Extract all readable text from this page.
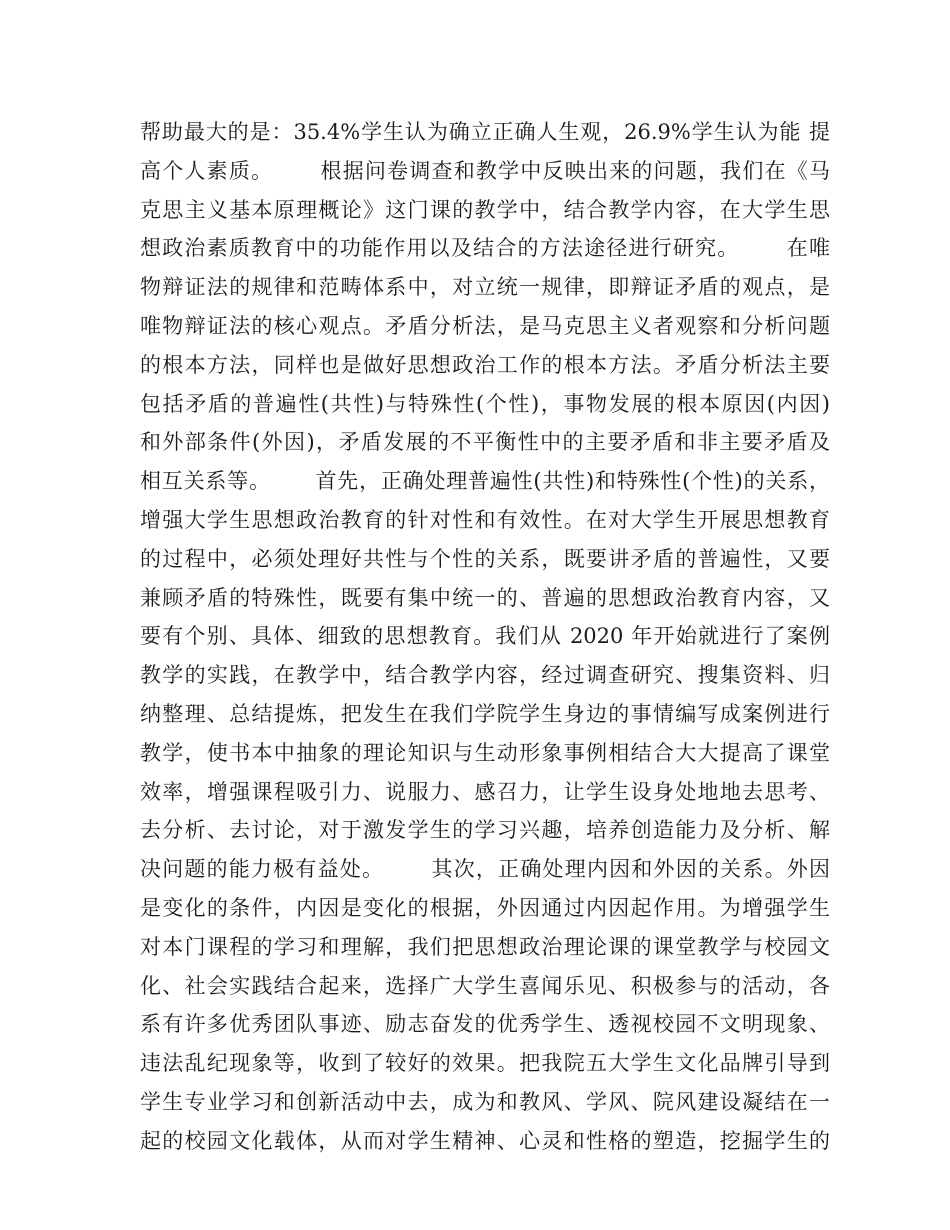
帮助最大的是：35.4%学生认为确立正确人生观，26.9%学生认为能 提
高个人素质。      根据问卷调查和教学中反映出来的问题，我们在《马
克思主义基本原理概论》这门课的教学中，结合教学内容，在大学生思
想政治素质教育中的功能作用以及结合的方法途径进行研究。      在唯
物辩证法的规律和范畴体系中，对立统一规律，即辩证矛盾的观点，是
唯物辩证法的核心观点。矛盾分析法，是马克思主义者观察和分析问题
的根本方法，同样也是做好思想政治工作的根本方法。矛盾分析法主要
包括矛盾的普遍性(共性)与特殊性(个性)，事物发展的根本原因(内因)
和外部条件(外因)，矛盾发展的不平衡性中的主要矛盾和非主要矛盾及
相互关系等。      首先，正确处理普遍性(共性)和特殊性(个性)的关系，
增强大学生思想政治教育的针对性和有效性。在对大学生开展思想教育
的过程中，必须处理好共性与个性的关系，既要讲矛盾的普遍性，又要
兼顾矛盾的特殊性，既要有集中统一的、普遍的思想政治教育内容，又
要有个别、具体、细致的思想教育。我们从 2020 年开始就进行了案例
教学的实践，在教学中，结合教学内容，经过调查研究、搜集资料、归
纳整理、总结提炼，把发生在我们学院学生身边的事情编写成案例进行
教学，使书本中抽象的理论知识与生动形象事例相结合大大提高了课堂
效率，增强课程吸引力、说服力、感召力，让学生设身处地地去思考、
去分析、去讨论，对于激发学生的学习兴趣，培养创造能力及分析、解
决问题的能力极有益处。      其次，正确处理内因和外因的关系。外因
是变化的条件，内因是变化的根据，外因通过内因起作用。为增强学生
对本门课程的学习和理解，我们把思想政治理论课的课堂教学与校园文
化、社会实践结合起来，选择广大学生喜闻乐见、积极参与的活动，各
系有许多优秀团队事迹、励志奋发的优秀学生、透视校园不文明现象、
违法乱纪现象等，收到了较好的效果。把我院五大学生文化品牌引导到
学生专业学习和创新活动中去，成为和教风、学风、院风建设凝结在一
起的校园文化载体，从而对学生精神、心灵和性格的塑造，挖掘学生的
